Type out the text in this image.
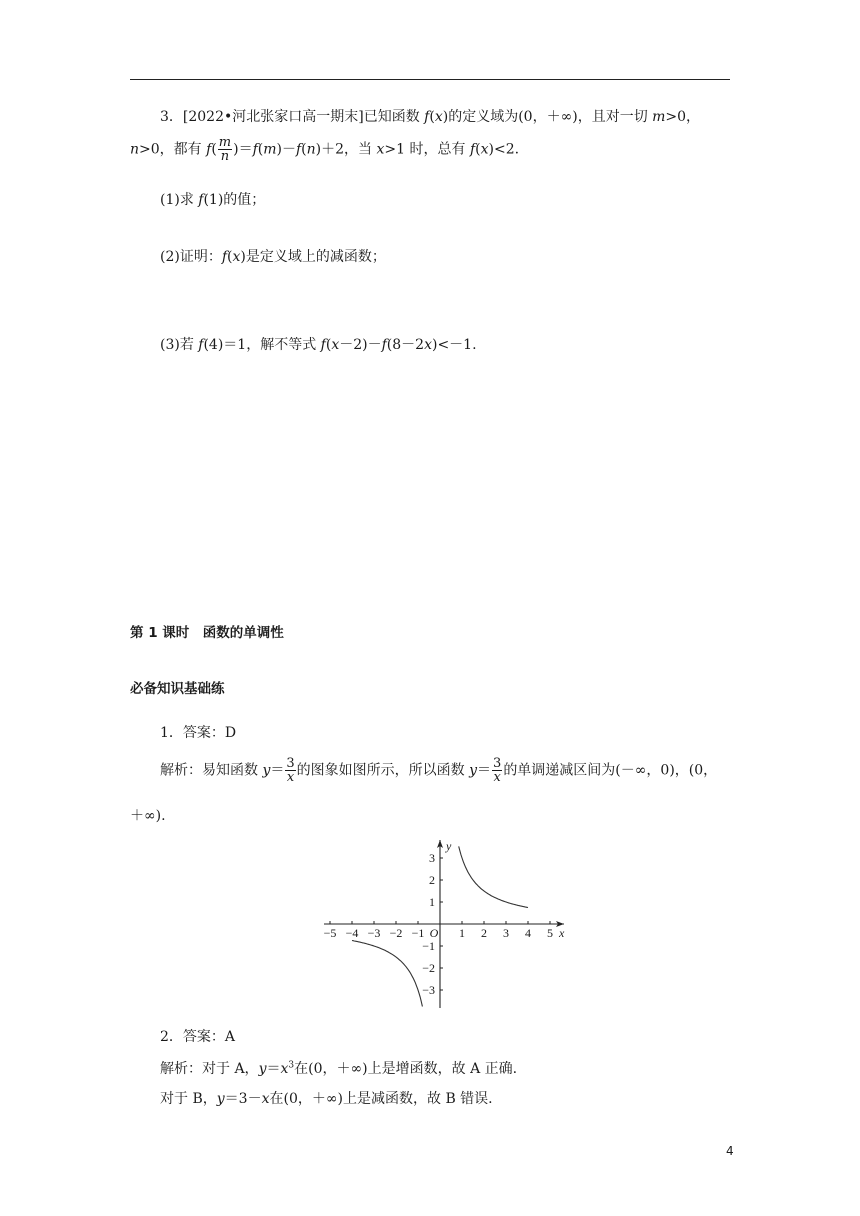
3．[2022•河北张家口高一期末]已知函数 f(x)的定义域为(0，＋∞)，且对一切 m>0，
n>0，都有 $f( \frac{m}{n} )=f(m)-f(n)+2$，当 x>1 时，总有 f(x)<2.
(1)求 f(1)的值；
(2)证明：f(x)是定义域上的减函数；
(3)若 f(4)＝1，解不等式 f(x－2)－f(8－2x)<－1.
第 1 课时　函数的单调性
必备知识基础练
1．答案：D
解析：易知函数 $y= \frac{3}{x}$ 的图象如图所示，所以函数 $y= \frac{3}{x}$ 的单调递减区间为(－∞，0)，(0，
＋∞).
−5 −4 −3 −2 −1	1 2 3 4 5
1
2
3
−1
−2
−3
O	x
y
2．答案：A
解析：对于 A，$y=x^3$在(0，＋∞)上是增函数，故 A 正确.
对于 B，y＝3－x在(0，＋∞)上是减函数，故 B 错误.
4
